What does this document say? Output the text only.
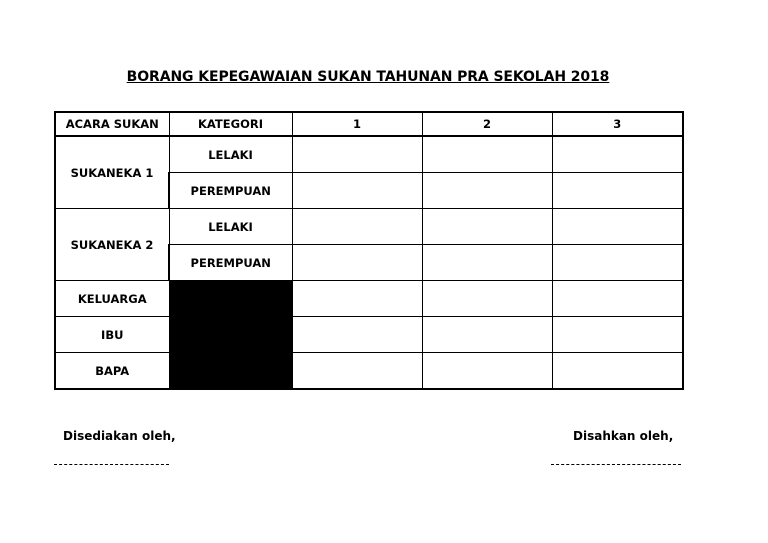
BORANG KEPEGAWAIAN SUKAN TAHUNAN PRA SEKOLAH 2018
ACARA SUKAN	KATEGORI	1	2	3
SUKANEKA 1	LELAKI			
	PEREMPUAN			
SUKANEKA 2	LELAKI			
	PEREMPUAN			
KELUARGA				
IBU				
BAPA				
Disediakan oleh,	Disahkan oleh,
